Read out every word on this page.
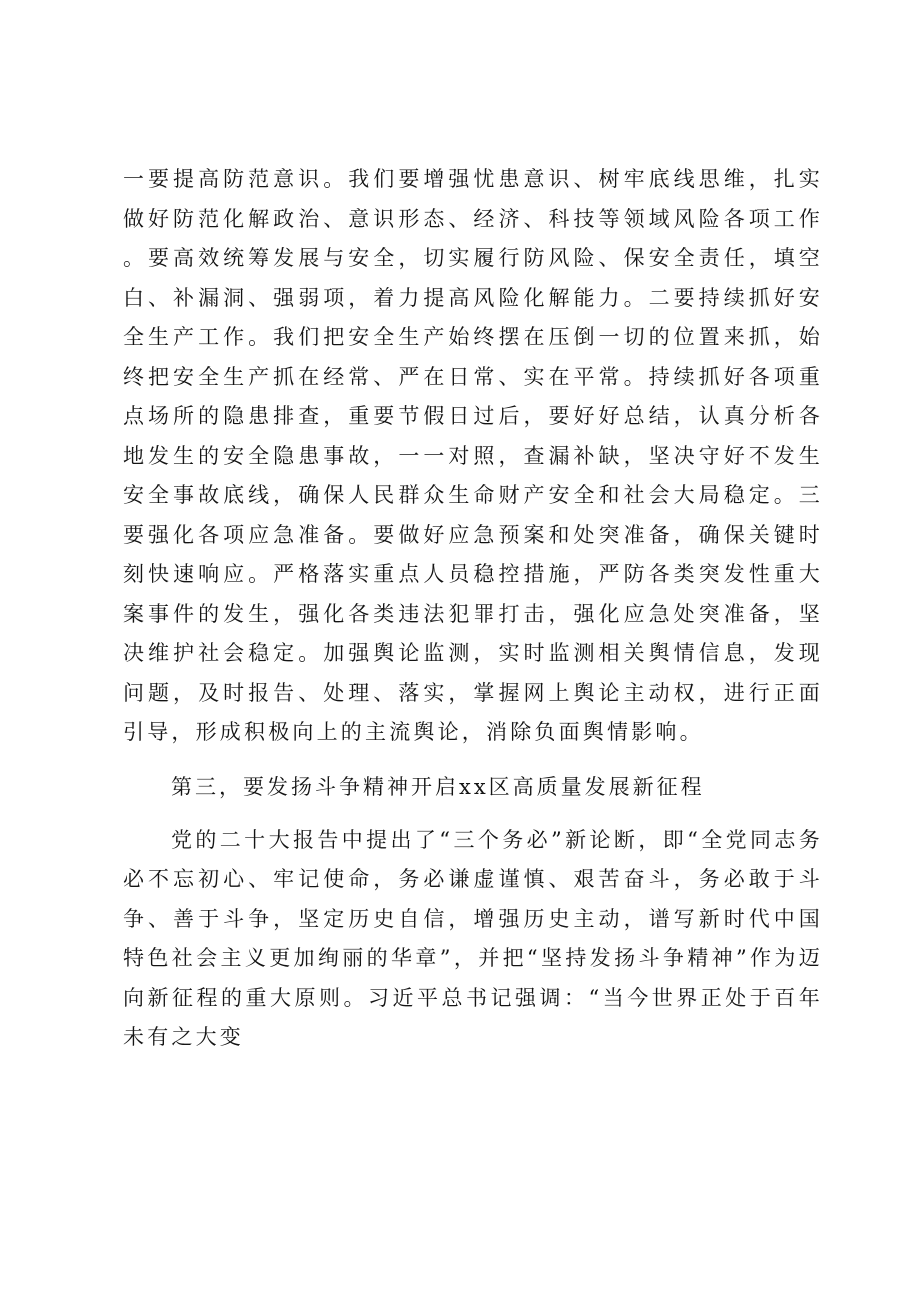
一要提高防范意识。我们要增强忧患意识、树牢底线思维，扎实做好防范化解政治、意识形态、经济、科技等领域风险各项工作。要高效统筹发展与安全，切实履行防风险、保安全责任，填空白、补漏洞、强弱项，着力提高风险化解能力。二要持续抓好安全生产工作。我们把安全生产始终摆在压倒一切的位置来抓，始终把安全生产抓在经常、严在日常、实在平常。持续抓好各项重点场所的隐患排查，重要节假日过后，要好好总结，认真分析各地发生的安全隐患事故，一一对照，查漏补缺，坚决守好不发生安全事故底线，确保人民群众生命财产安全和社会大局稳定。三要强化各项应急准备。要做好应急预案和处突准备，确保关键时刻快速响应。严格落实重点人员稳控措施，严防各类突发性重大案事件的发生，强化各类违法犯罪打击，强化应急处突准备，坚决维护社会稳定。加强舆论监测，实时监测相关舆情信息，发现问题，及时报告、处理、落实，掌握网上舆论主动权，进行正面引导，形成积极向上的主流舆论，消除负面舆情影响。

第三，要发扬斗争精神开启xx区高质量发展新征程

党的二十大报告中提出了“三个务必”新论断，即“全党同志务必不忘初心、牢记使命，务必谦虚谨慎、艰苦奋斗，务必敢于斗争、善于斗争，坚定历史自信，增强历史主动，谱写新时代中国特色社会主义更加绚丽的华章”，并把“坚持发扬斗争精神”作为迈向新征程的重大原则。习近平总书记强调：“当今世界正处于百年未有之大变
